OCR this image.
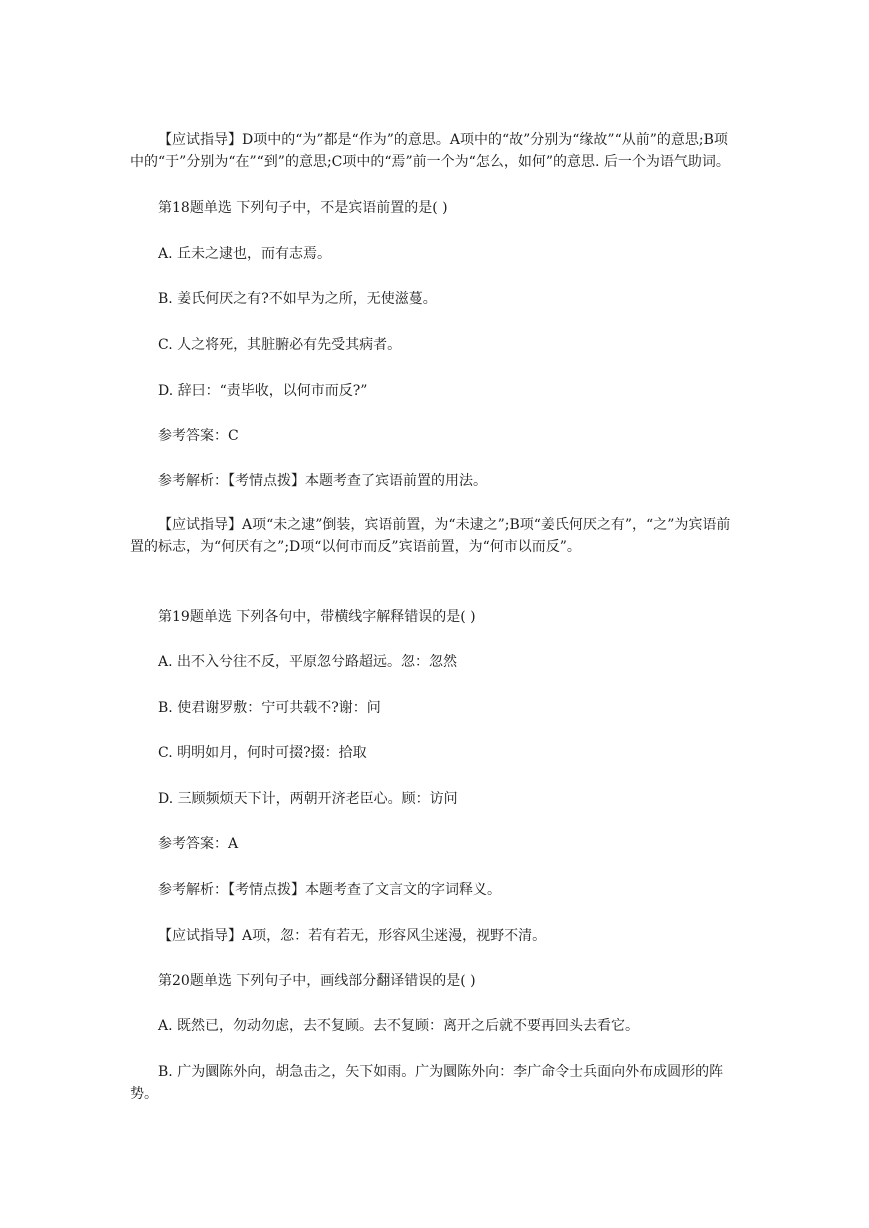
【应试指导】D项中的“为”都是“作为”的意思。A项中的“故”分别为“缘故”“从前”的意思;B项中的“于”分别为“在”“到”的意思;C项中的“焉”前一个为“怎么，如何”的意思. 后一个为语气助词。

第18题单选 下列句子中，不是宾语前置的是( )

A. 丘未之逮也，而有志焉。

B. 姜氏何厌之有?不如早为之所，无使滋蔓。

C. 人之将死，其脏腑必有先受其病者。

D. 辞曰：“责毕收，以何市而反?”

参考答案：C

参考解析：【考情点拨】本题考查了宾语前置的用法。

【应试指导】A项“未之逮”倒装，宾语前置，为“未逮之”;B项“姜氏何厌之有”，“之”为宾语前置的标志，为“何厌有之”;D项“以何市而反”宾语前置，为“何市以而反”。

第19题单选 下列各句中，带横线字解释错误的是( )

A. 出不入兮往不反，平原忽兮路超远。忽：忽然

B. 使君谢罗敷：宁可共载不?谢：问

C. 明明如月，何时可掇?掇：拾取

D. 三顾频烦天下计，两朝开济老臣心。顾：访问

参考答案：A

参考解析：【考情点拨】本题考查了文言文的字词释义。

【应试指导】A项，忽：若有若无，形容风尘迷漫，视野不清。

第20题单选 下列句子中，画线部分翻译错误的是( )

A. 既然已，勿动勿虑，去不复顾。去不复顾：离开之后就不要再回头去看它。

B. 广为圜陈外向，胡急击之，矢下如雨。广为圜陈外向：李广命令士兵面向外布成圆形的阵势。
